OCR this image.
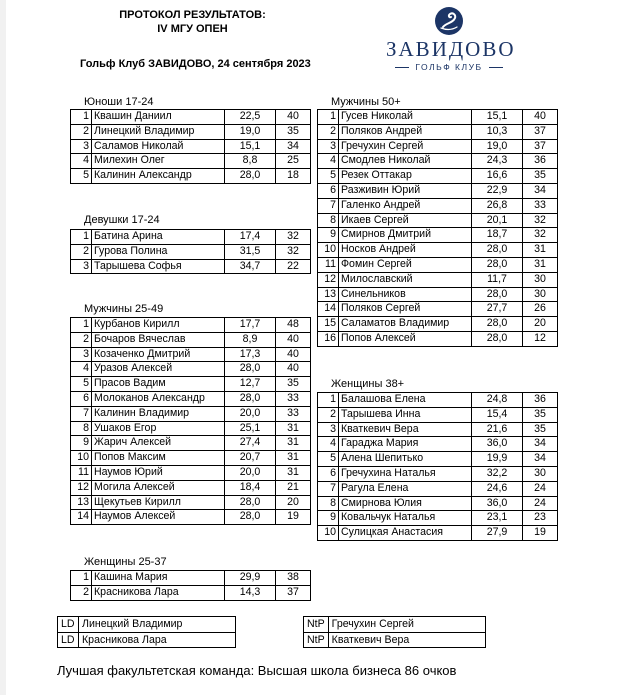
ПРОТОКОЛ РЕЗУЛЬТАТОВ:
IV МГУ ОПЕН
Гольф Клуб ЗАВИДОВО, 24 сентября 2023
ЗАВИДОВО
ГОЛЬФ КЛУБ
Юноши 17-24
1	Квашин Даниил	22,5	40
2	Линецкий Владимир	19,0	35
3	Саламов Николай	15,1	34
4	Милехин Олег	8,8	25
5	Калинин Александр	28,0	18
Девушки 17-24
1	Батина Арина	17,4	32
2	Гурова Полина	31,5	32
3	Тарышева Софья	34,7	22
Мужчины 25-49
1	Курбанов Кирилл	17,7	48
2	Бочаров Вячеслав	8,9	40
3	Козаченко Дмитрий	17,3	40
4	Уразов Алексей	28,0	40
5	Прасов Вадим	12,7	35
6	Молоканов Александр	28,0	33
7	Калинин Владимир	20,0	33
8	Ушаков Егор	25,1	31
9	Жарич Алексей	27,4	31
10	Попов Максим	20,7	31
11	Наумов Юрий	20,0	31
12	Могила Алексей	18,4	21
13	Щекутьев Кирилл	28,0	20
14	Наумов Алексей	28,0	19
Женщины 25-37
1	Кашина Мария	29,9	38
2	Красникова Лара	14,3	37
Мужчины 50+
1	Гусев Николай	15,1	40
2	Поляков Андрей	10,3	37
3	Гречухин Сергей	19,0	37
4	Смодлев Николай	24,3	36
5	Резек Оттакар	16,6	35
6	Разживин Юрий	22,9	34
7	Галенко Андрей	26,8	33
8	Икаев Сергей	20,1	32
9	Смирнов Дмитрий	18,7	32
10	Носков Андрей	28,0	31
11	Фомин Сергей	28,0	31
12	Милославский	11,7	30
13	Синельников	28,0	30
14	Поляков Сергей	27,7	26
15	Саламатов Владимир	28,0	20
16	Попов Алексей	28,0	12
Женщины 38+
1	Балашова Елена	24,8	36
2	Тарышева Инна	15,4	35
3	Кваткевич Вера	21,6	35
4	Гараджа Мария	36,0	34
5	Алена Шепитько	19,9	34
6	Гречухина Наталья	32,2	30
7	Рагула Елена	24,6	24
8	Смирнова Юлия	36,0	24
9	Ковальчук Наталья	23,1	23
10	Сулицкая Анастасия	27,9	19
LD	Линецкий Владимир
LD	Красникова Лара
NtP	Гречухин Сергей
NtP	Кваткевич Вера
Лучшая факультетская команда: Высшая школа бизнеса 86 очков
